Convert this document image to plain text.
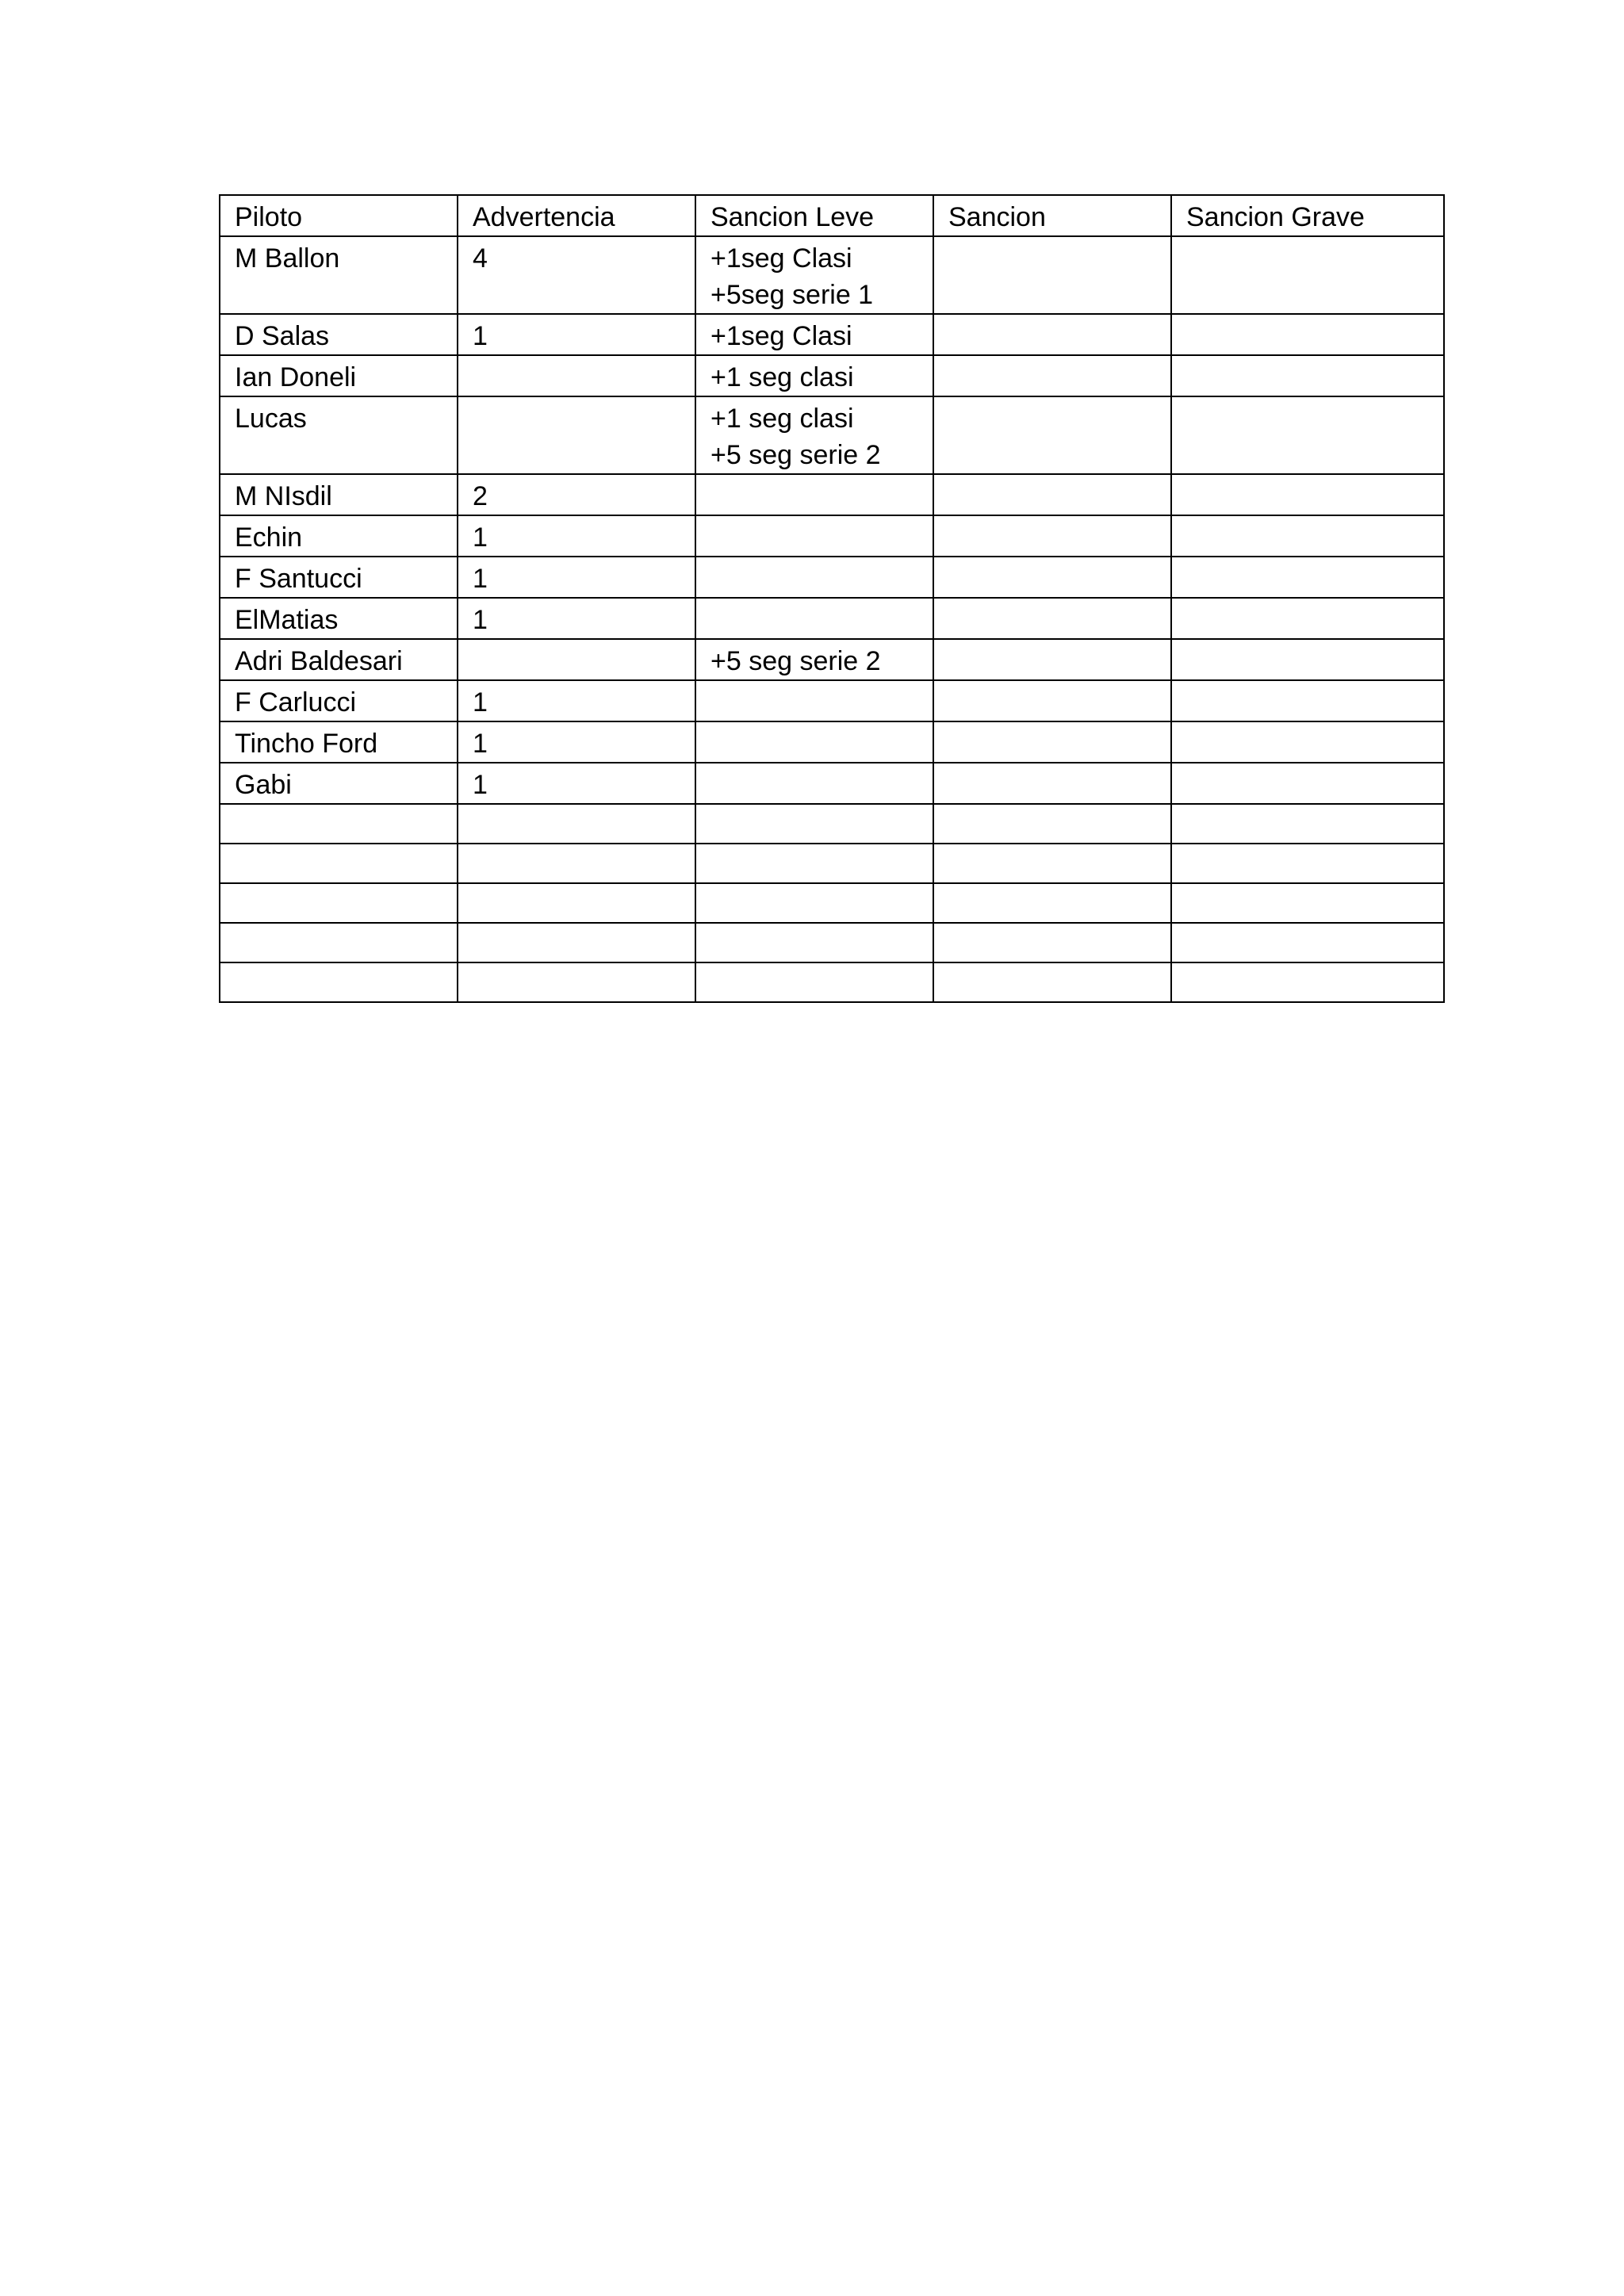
Piloto	Advertencia	Sancion Leve	Sancion	Sancion Grave
M Ballon	4	+1seg Clasi
+5seg serie 1		

D Salas	1	+1seg Clasi		

Ian Doneli		+1 seg clasi		

Lucas		+1 seg clasi
+5 seg serie 2		

M NIsdil	2			
Echin	1			
F Santucci	1			
ElMatias	1			
Adri Baldesari		+5 seg serie 2		

F Carlucci	1			
Tincho Ford	1			
Gabi	1			
